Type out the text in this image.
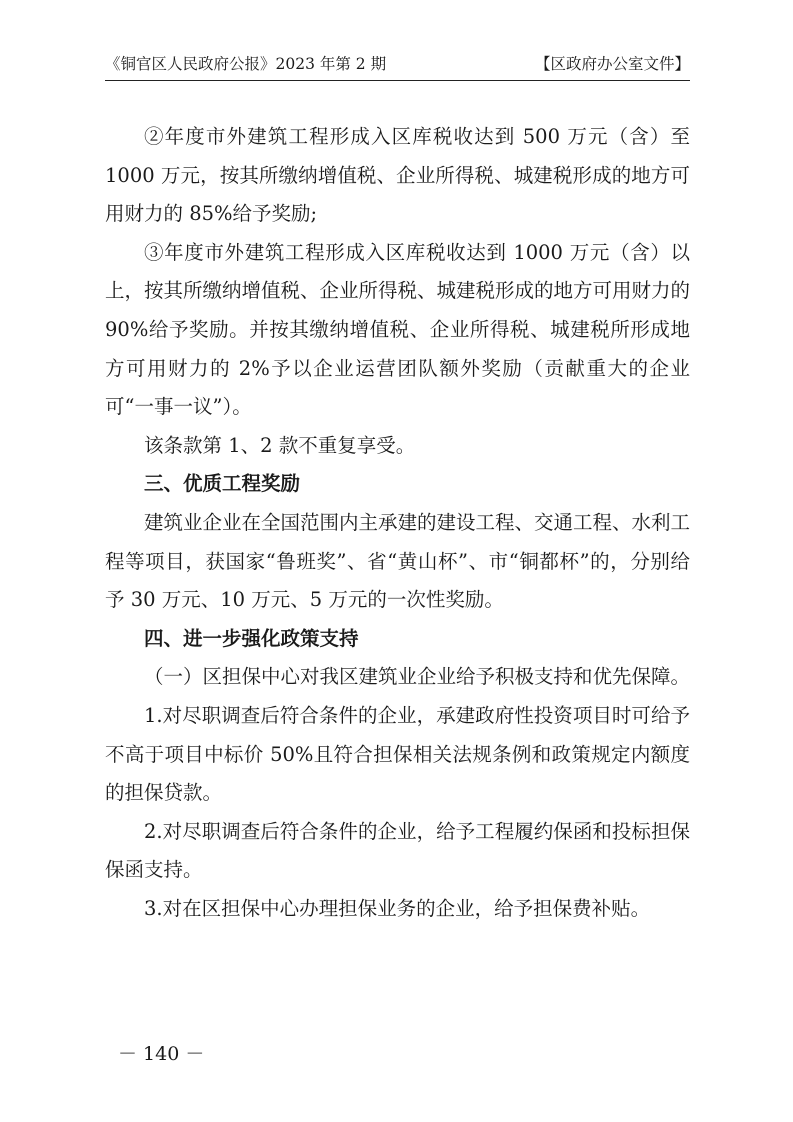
《铜官区人民政府公报》2023 年第 2 期	【区政府办公室文件】

②年度市外建筑工程形成入区库税收达到 500 万元（含）至 1000 万元，按其所缴纳增值税、企业所得税、城建税形成的地方可用财力的 85%给予奖励;

③年度市外建筑工程形成入区库税收达到 1000 万元（含）以上，按其所缴纳增值税、企业所得税、城建税形成的地方可用财力的 90%给予奖励。并按其缴纳增值税、企业所得税、城建税所形成地方可用财力的 2%予以企业运营团队额外奖励（贡献重大的企业可“一事一议”）。

该条款第 1、2 款不重复享受。

三、优质工程奖励

建筑业企业在全国范围内主承建的建设工程、交通工程、水利工程等项目，获国家“鲁班奖”、省“黄山杯”、市“铜都杯”的，分别给予 30 万元、10 万元、5 万元的一次性奖励。

四、进一步强化政策支持

（一）区担保中心对我区建筑业企业给予积极支持和优先保障。

1.对尽职调查后符合条件的企业，承建政府性投资项目时可给予不高于项目中标价 50%且符合担保相关法规条例和政策规定内额度的担保贷款。

2.对尽职调查后符合条件的企业，给予工程履约保函和投标担保保函支持。

3.对在区担保中心办理担保业务的企业，给予担保费补贴。

－ 140 －
